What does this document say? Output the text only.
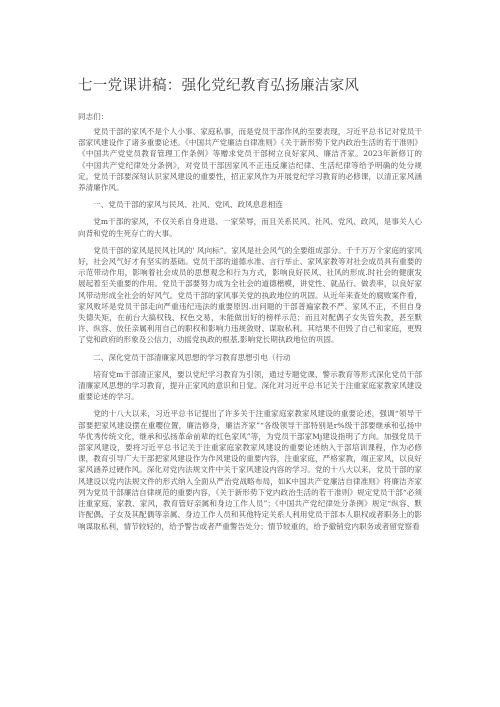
七一党课讲稿：强化党纪教育弘扬廉洁家风
同志们：

党员干部的家风不是个人小事、家庭私事，而是党员干部作风的至要表现，习近平总书记对党员干部家风建设作了诸多重要论述。《中国共产党廉洁自律准则》《关于新形势下党内政治生活的若干准则》《中国共产党党员教育管理工作条例》等赠求党员干部树立良好家风、廉洁齐家。2023年新修订的《中国共产党纪律处分条例》，对党员干部因家风不正违反廉洁纪律、生活纪律等给予明确的处分规定。党员干部要深刻认识家风建设的重要性，招正家风作为开展党纪学习教育的必修课，以清正家风涵养清廉作风。

一、党员干部的家风与民风、社风、党风、政风息息相连

党m干部的家风，不仅关系自身进退、一家荣辱，而且关系民风、社风、党风、政风，是事关人心向背和党的生死存亡的大事。

党员干部的家风是民风社风的' 风向标”。家风是社会风气的全要组成部分。千千万万个家庭的家风好，社会风气好才有坚实的基础。党员干部的道德水准、言行举止、家风家教等对社会成员具有重要的示范带动作用，影响着社会成员的思想观念和行为方式，影响良好民风、社风的形成.时社会的健康发展起着至关重要的作用。党员干部要努力成为全社会的道德楷模，讲党性、就品行、做表率，以良好家风带动形成全社会的好风气。党员干部的家风事关党的执政地位的巩固。从近年来查处的腐败案件看，家风败坏是党员干部走向严重违纪违法的重要原因.出问题的干部普遍家教不严、家风不正，不但自身失德失矩，在前台大搞权钱、权色交易，未能做出好的榜样示范；而且对配偶子女失管失教，甚至默许、纵容、放任亲属利用自己的职权和影响力违规敛财、谋取私利。其结果不但毁了自己和家庭，更毁了党和政府的形象及公信力，动摇党执政的根基,影响党长期执政地位的巩固。

二、深化党员干部清廉家风思想的学习教育思想引电（行动

培育党m干部清正家风，要以党纪学习教育为引领，通过专题党课、警示教育等形式深化党员干部清廉家风思想的学习教育，提升正家风的意识和日觉。深化对习近平总书记关于注重家庭家教家风建设重要论述的学习。

党的十八大以来，习近平总书记提出了许多关于注重家庭家教家风建设的重要论述，强调“领导干部要把家风建设摆在重嘤位置，廉洁修身，廉洁齐家”“各级领导干部特别是r%级干部要继承和弘扬中华优秀传统文化，继承和弘扬革命前辈的红色家风”等，为党员干部家Mj建设指明了方向。加强党员干部家风建设，要将习近平总书记关于注重家庭家教家风建设的重要论述纳入于部培训课程，作为必修课，教育引导广大干部把家风建设作为作风建设的重要内容，注重家庭，严格家教，端正家风，以良好家风涵养过硬作风。深化对党内法规文件中关于家风建设内容的学习。党的十八大以来，党员干部的家风建设以党内法规文件的形式纳入全面从严治党战略布局，如K中国共产党廉洁自律准则》将廉洁齐家列为党员干部廉洁自律规范的重要内容，《关于新形势下党内政治生活的若干准则》规定党员干部“必须注重家庭、家教、家风，教育管好亲属和身边工作人员”；《中国共产党纪律处分条例》规定“纵容、默许配偶、子女及其配偶等亲属、身边工作人员和其他特定关系人利用党员干部本人职权或者职务上的影响谋取私利，情节较轻的，给予警告或者严重警告处分；情节较重的，给予撤销党内职务或者留党察看
